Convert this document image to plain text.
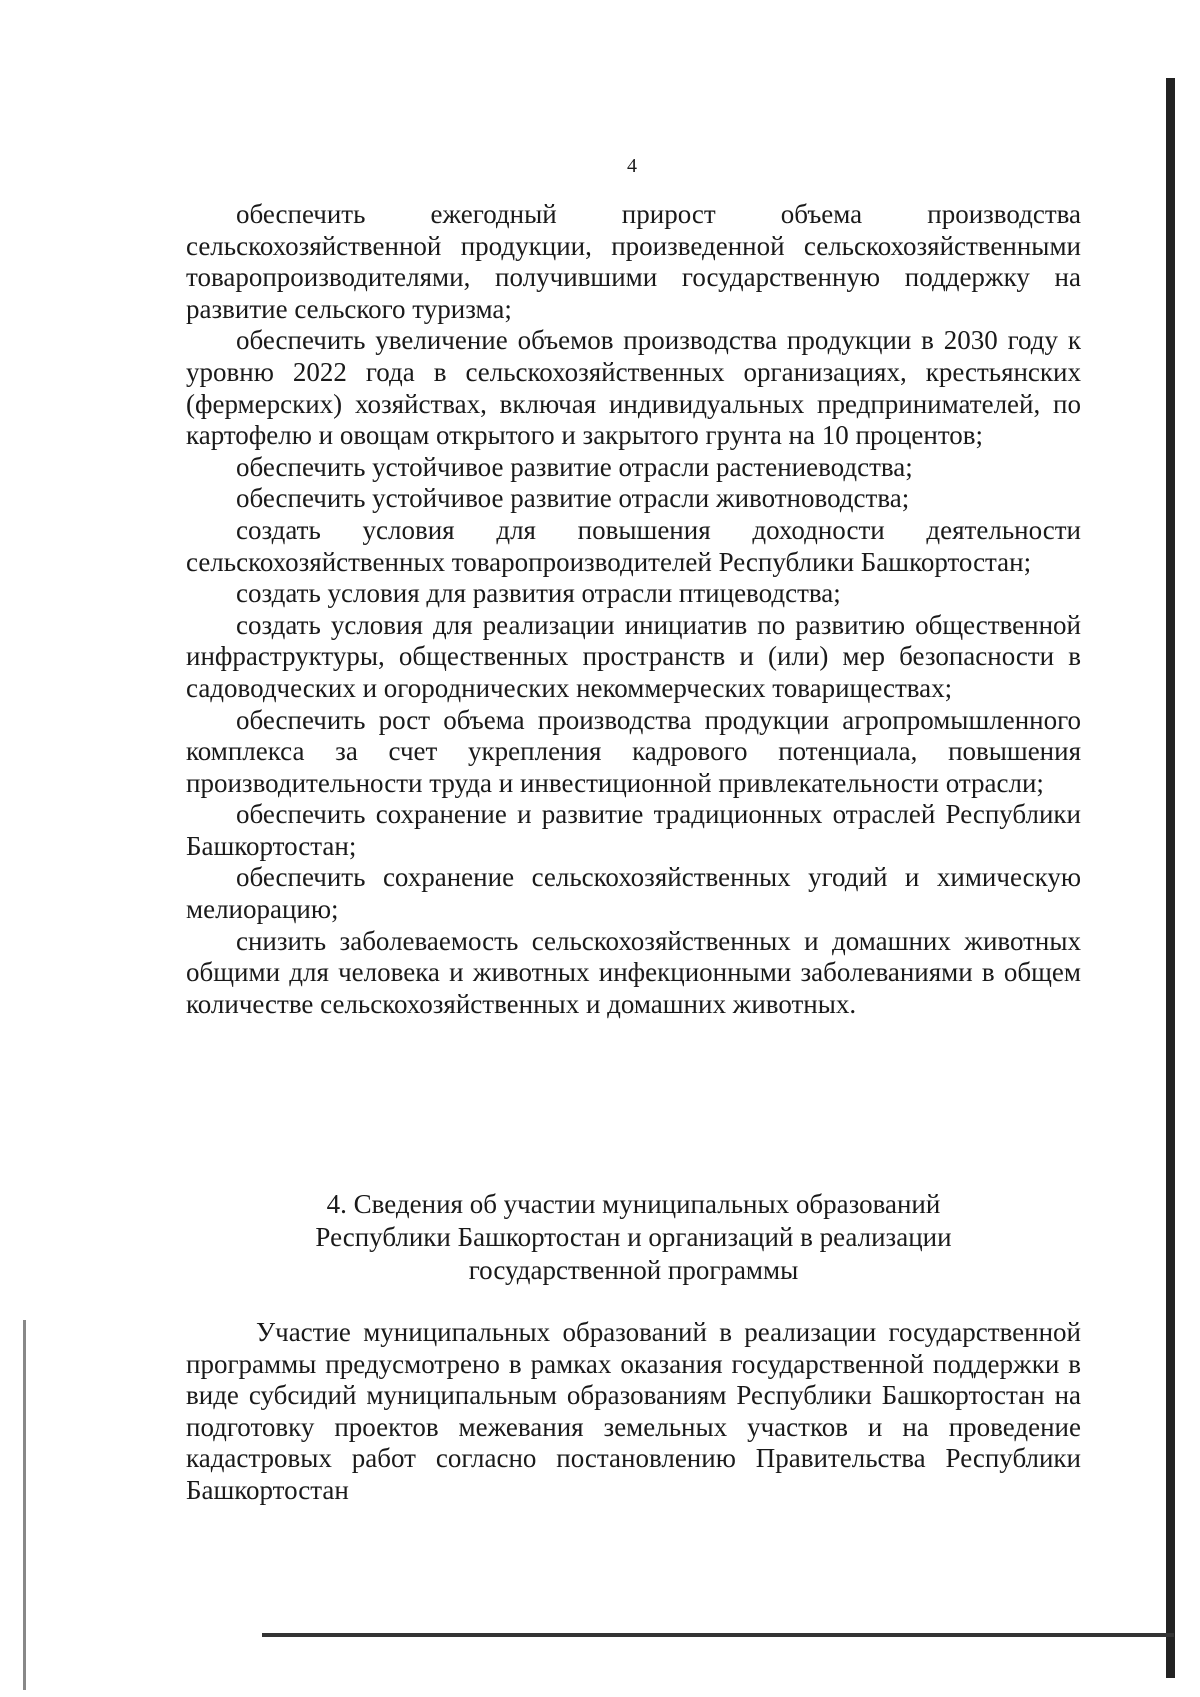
4

обеспечить ежегодный прирост объема производства сельскохозяйственной продукции, произведенной сельскохозяйственными товаропроизводителями, получившими государственную поддержку на развитие сельского туризма;

обеспечить увеличение объемов производства продукции в 2030 году к уровню 2022 года в сельскохозяйственных организациях, крестьянских (фермерских) хозяйствах, включая индивидуальных предпринимателей, по картофелю и овощам открытого и закрытого грунта на 10 процентов;

обеспечить устойчивое развитие отрасли растениеводства;

обеспечить устойчивое развитие отрасли животноводства;

создать условия для повышения доходности деятельности сельскохозяйственных товаропроизводителей Республики Башкортостан;

создать условия для развития отрасли птицеводства;

создать условия для реализации инициатив по развитию общественной инфраструктуры, общественных пространств и (или) мер безопасности в садоводческих и огороднических некоммерческих товариществах;

обеспечить рост объема производства продукции агропромышленного комплекса за счет укрепления кадрового потенциала, повышения производительности труда и инвестиционной привлекательности отрасли;

обеспечить сохранение и развитие традиционных отраслей Республики Башкортостан;

обеспечить сохранение сельскохозяйственных угодий и химическую мелиорацию;

снизить заболеваемость сельскохозяйственных и домашних животных общими для человека и животных инфекционными заболеваниями в общем количестве сельскохозяйственных и домашних животных.

4. Сведения об участии муниципальных образований
Республики Башкортостан и организаций в реализации
государственной программы

Участие муниципальных образований в реализации государственной программы предусмотрено в рамках оказания государственной поддержки в виде субсидий муниципальным образованиям Республики Башкортостан на подготовку проектов межевания земельных участков и на проведение кадастровых работ согласно постановлению Правительства Республики Башкортостан
